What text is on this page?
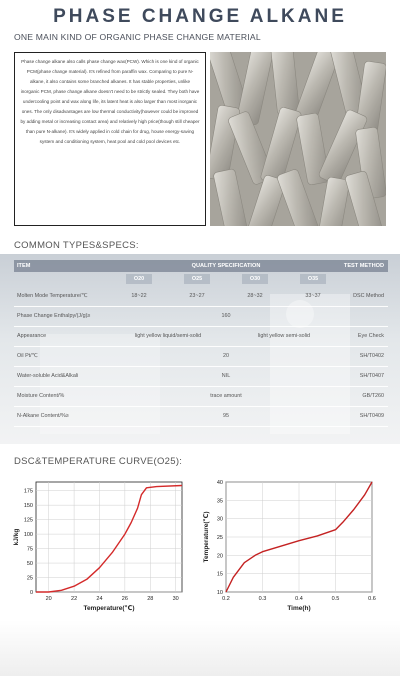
PHASE CHANGE ALKANE
ONE MAIN KIND OF ORGANIC PHASE CHANGE MATERIAL

Phase change alkane also calls phase change wax(PCW). Which is one kind of organic PCM(phase change material). It's refined from paraffin wax. Comparing to pure N-alkane, it also contains some branched alkanes. It has stable properties, unlike inorganic PCM, phase change alkane doesn't need to be strictly sealed. They both have undercooling point and wax along life, its latent heat is also larger than most inorganic ones. The only disadvantages are low thermal conductivity(however could be improved by adding metal or increasing contact area) and relatively high price(though still cheaper than pure N-alkane). It's widely applied in cold chain for drug, house energy-saving system and conditioning system, heat pool and cold pool devices etc.

COMMON TYPES&SPECS:
ITEM	QUALITY SPECIFICATION				TEST METHOD
	O20	O25	O30	O35	
Molten Mode Temperature/℃	18~22	23~27	28~32	33~37	DSC Method
Phase Change Enthalpy/(J/g)≥	160				
Appearance	light yellow liquid/semi-solid		light yellow semi-solid		Eye Check
Oil Pt/℃	20				SH/T0402
Water-soluble Acid&Alkali	NIL				SH/T0407
Moisture Content/%	trace amount				GB/T260
N-Alkane Content/%≥	95				SH/T0409
DSC&TEMPERATURE CURVE(O25):
20	22	24	26	28	30
0
25
50
75
100
125
150
175
Temperature(℃)
kJ/kg
0.2	0.3	0.4	0.5	0.6
10
15
20
25
30
35
40
Time(h)
Temperature(℃)
